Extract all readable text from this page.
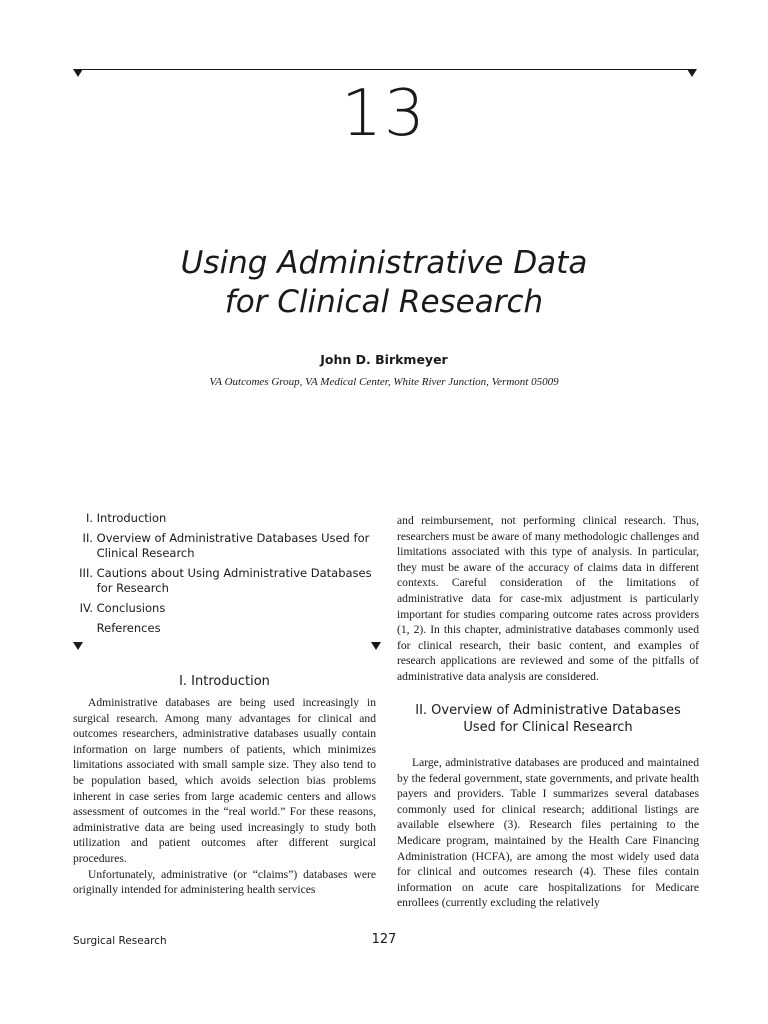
13
Using Administrative Data
for Clinical Research
John D. Birkmeyer
VA Outcomes Group, VA Medical Center, White River Junction, Vermont 05009
I.
Introduction
II.
Overview of Administrative Databases Used for Clinical Research
III.
Cautions about Using Administrative Databases for Research
IV.
Conclusions

References
I. Introduction

Administrative databases are being used increasingly in surgical research. Among many advantages for clinical and outcomes researchers, administrative databases usually contain information on large numbers of patients, which minimizes limitations associated with small sample size. They also tend to be population based, which avoids selection bias problems inherent in case series from large academic centers and allows assessment of outcomes in the “real world.” For these reasons, administrative data are being used increasingly to study both utilization and patient outcomes after different surgical procedures.

Unfortunately, administrative (or “claims”) databases were originally intended for administering health services

and reimbursement, not performing clinical research. Thus, researchers must be aware of many methodologic challenges and limitations associated with this type of analysis. In particular, they must be aware of the accuracy of claims data in different contexts. Careful consideration of the limitations of administrative data for case-mix adjustment is particularly important for studies comparing outcome rates across providers (1, 2). In this chapter, administrative databases commonly used for clinical research, their basic content, and examples of research applications are reviewed and some of the pitfalls of administrative data analysis are considered.

II. Overview of Administrative Databases
Used for Clinical Research

Large, administrative databases are produced and maintained by the federal government, state governments, and private health payers and providers. Table I summarizes several databases commonly used for clinical research; additional listings are available elsewhere (3). Research files pertaining to the Medicare program, maintained by the Health Care Financing Administration (HCFA), are among the most widely used data for clinical and outcomes research (4). These files contain information on acute care hospitalizations for Medicare enrollees (currently excluding the relatively

Surgical Research	127
